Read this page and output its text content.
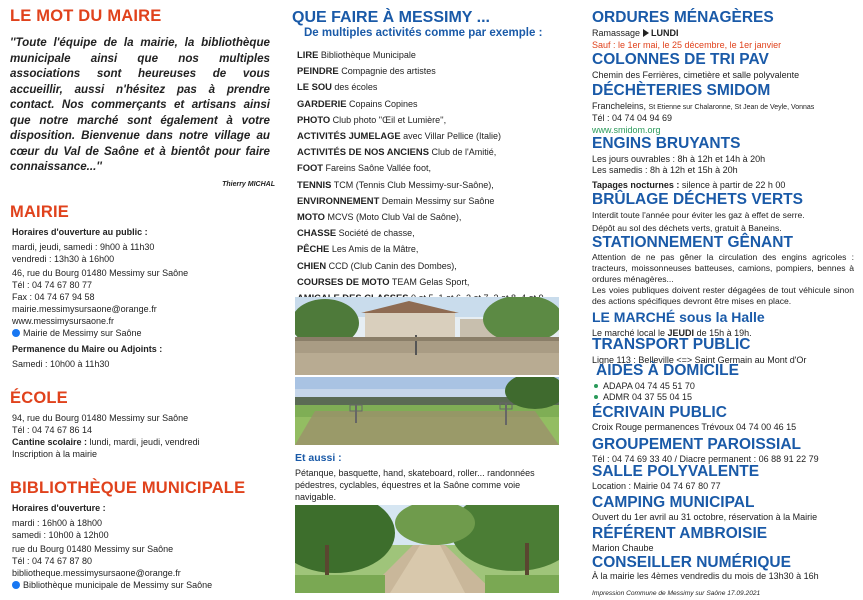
LE MOT DU MAIRE
''Toute l'équipe de la mairie, la bibliothèque municipale ainsi que nos multiples associations sont heureuses de vous accueillir, aussi n'hésitez pas à prendre contact. Nos commerçants et artisans ainsi que notre marché sont également à votre disposition. Bienvenue dans notre village au cœur du Val de Saône et à bientôt pour faire connaissance...''
Thierry MICHAL
MAIRIE

Horaires d'ouverture au public :

mardi, jeudi, samedi : 9h00 à 11h30

vendredi : 13h30 à 16h00

46, rue du Bourg 01480 Messimy sur Saône

Tél : 04 74 67 80 77

Fax : 04 74 67 94 58

mairie.messimysursaone@orange.fr

www.messimysursaone.fr

Mairie de Messimy sur Saône

Permanence du Maire ou Adjoints :

Samedi : 10h00 à 11h30

ÉCOLE

94, rue du Bourg 01480 Messimy sur Saône

Tél : 04 74 67 86 14

Cantine scolaire : lundi, mardi, jeudi, vendredi

Inscription à la mairie

BIBLIOTHÈQUE MUNICIPALE

Horaires d'ouverture :

mardi : 16h00 à 18h00

samedi : 10h00 à 12h00

rue du Bourg 01480 Messimy sur Saône

Tél : 04 74 67 87 80

bibliotheque.messimysursaone@orange.fr

Bibliothèque municipale de Messimy sur Saône

QUE FAIRE À MESSIMY ...
De multiples activités comme par exemple :
LIRE Bibliothèque Municipale
PEINDRE Compagnie des artistes
LE SOU des écoles
GARDERIE Copains Copines
PHOTO Club photo ''Œil et Lumière'',
ACTIVITÉS JUMELAGE avec Villar Pellice (Italie)
ACTIVITÉS DE NOS ANCIENS Club de l'Amitié,
FOOT Fareins Saône Vallée foot,
TENNIS TCM (Tennis Club Messimy-sur-Saône),
ENVIRONNEMENT Demain Messimy sur Saône
MOTO MCVS (Moto Club Val de Saône),
CHASSE Société de chasse,
PÊCHE Les Amis de la Mâtre,
CHIEN CCD (Club Canin des Dombes),
COURSES DE MOTO TEAM Gelas Sport,
Et aussi :
Pétanque, basquette, hand, skateboard, roller... randonnées pédestres, cyclables, équestres et la Saône comme voie navigable.
ORDURES MÉNAGÈRES

Ramassage LUNDI

Sauf : le 1er mai, le 25 décembre, le 1er janvier

COLONNES DE TRI PAV

Chemin des Ferrières, cimetière et salle polyvalente

DÉCHÈTERIES SMIDOM

Francheleins, St Etienne sur Chalaronne, St Jean de Veyle, Vonnas

Tél : 04 74 04 94 69

www.smidom.org

ENGINS BRUYANTS

Les jours ouvrables : 8h à 12h et 14h à 20h

Les samedis : 8h à 12h et 15h à 20h

Tapages nocturnes : silence à partir de 22 h 00

BRÛLAGE DÉCHETS VERTS

Interdit toute l'année pour éviter les gaz à effet de serre.

Dépôt au sol des déchets verts, gratuit à Baneins.

STATIONNEMENT GÊNANT

Attention de ne pas gêner la circulation des engins agricoles : tracteurs, moissonneuses batteuses, camions, pompiers, bennes à ordures ménagères...

Les voies publiques doivent rester dégagées de tout véhicule sinon des actions spécifiques devront être mises en place.

LE MARCHÉ sous la Halle

Le marché local le JEUDI de 15h à 19h.

TRANSPORT PUBLIC

Ligne 113 : Belleville <=> Saint Germain au Mont d'Or

AIDES À DOMICILE

ADAPA 04 74 45 51 70

ADMR 04 37 55 04 15

ÉCRIVAIN PUBLIC

Croix Rouge permanences Trévoux 04 74 00 46 15

GROUPEMENT PAROISSIAL

Tél : 04 74 69 33 40 / Diacre permanent : 06 88 91 22 79

SALLE POLYVALENTE

Location : Mairie 04 74 67 80 77

CAMPING MUNICIPAL

Ouvert du 1er avril au 31 octobre, réservation à la Mairie

RÉFÉRENT AMBROISIE

Marion Chaube

CONSEILLER NUMÉRIQUE

À la mairie les 4èmes vendredis du mois de 13h30 à 16h

Impression Commune de Messimy sur Saône 17.09.2021
